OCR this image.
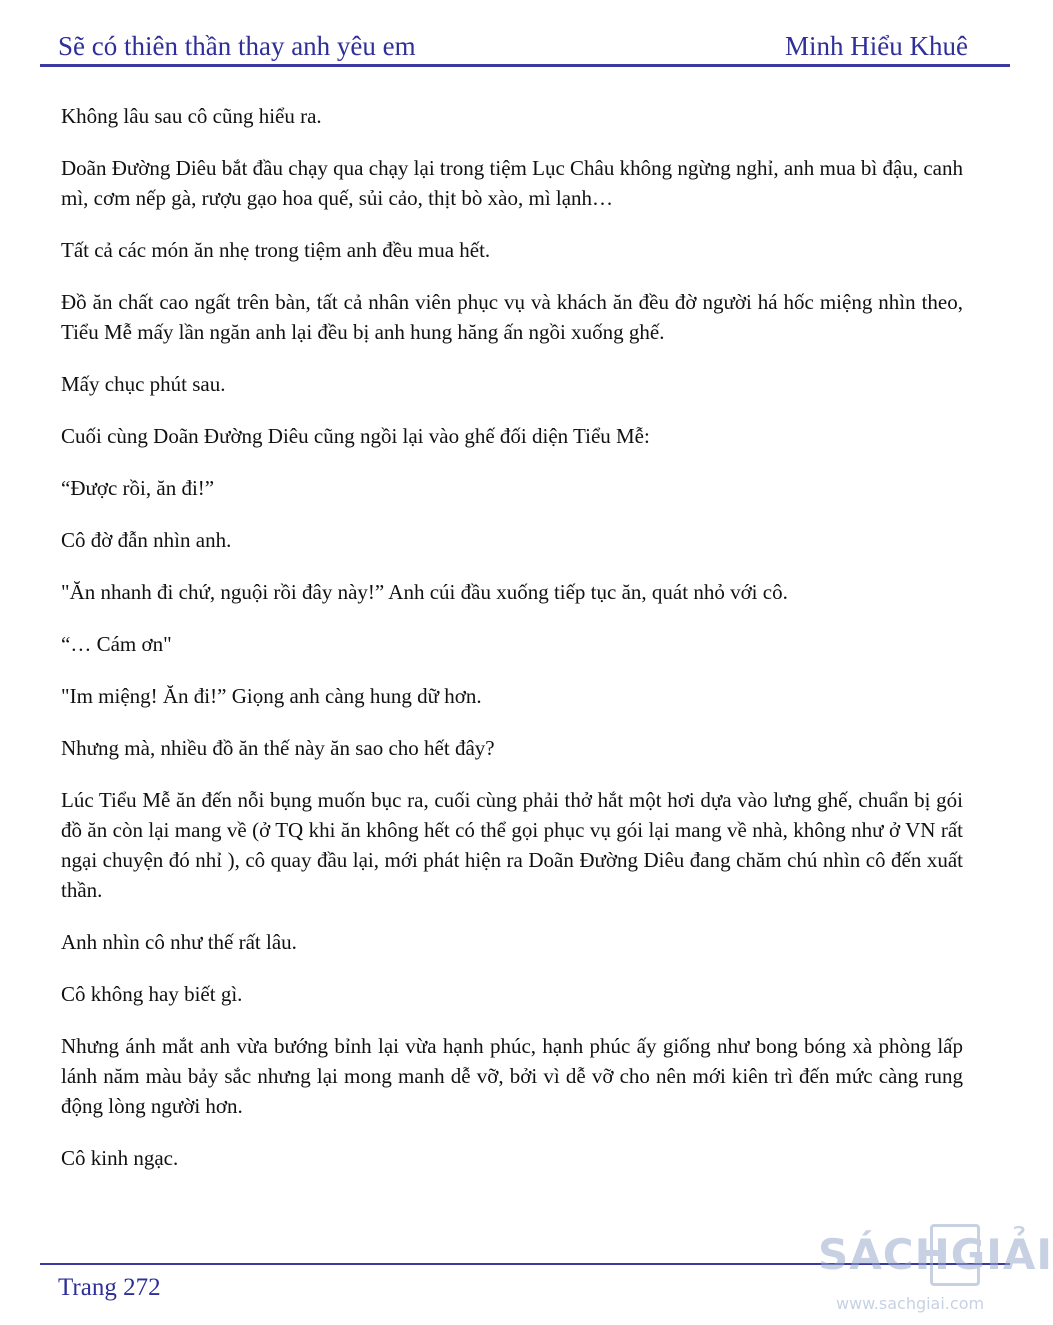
Sẽ có thiên thần thay anh yêu em	Minh Hiểu Khuê

Không lâu sau cô cũng hiểu ra.

Doãn Đường Diêu bắt đầu chạy qua chạy lại trong tiệm Lục Châu không ngừng nghỉ, anh mua bì đậu, canh mì, cơm nếp gà, rượu gạo hoa quế, sủi cảo, thịt bò xào, mì lạnh…

Tất cả các món ăn nhẹ trong tiệm anh đều mua hết.

Đồ ăn chất cao ngất trên bàn, tất cả nhân viên phục vụ và khách ăn đều đờ người há hốc miệng nhìn theo, Tiểu Mễ mấy lần ngăn anh lại đều bị anh hung hăng ấn ngồi xuống ghế.

Mấy chục phút sau.

Cuối cùng Doãn Đường Diêu cũng ngồi lại vào ghế đối diện Tiểu Mễ:

“Được rồi, ăn đi!”

Cô đờ đẫn nhìn anh.

"Ăn nhanh đi chứ, nguội rồi đây này!” Anh cúi đầu xuống tiếp tục ăn, quát nhỏ với cô.

“… Cám ơn"

"Im miệng! Ăn đi!” Giọng anh càng hung dữ hơn.

Nhưng mà, nhiều đồ ăn thế này ăn sao cho hết đây?

Lúc Tiểu Mễ ăn đến nỗi bụng muốn bục ra, cuối cùng phải thở hắt một hơi dựa vào lưng ghế, chuẩn bị gói đồ ăn còn lại mang về (ở TQ khi ăn không hết có thể gọi phục vụ gói lại mang về nhà, không như ở VN rất ngại chuyện đó nhỉ ), cô quay đầu lại, mới phát hiện ra Doãn Đường Diêu đang chăm chú nhìn cô đến xuất thần.

Anh nhìn cô như thế rất lâu.

Cô không hay biết gì.

Nhưng ánh mắt anh vừa bướng bỉnh lại vừa hạnh phúc, hạnh phúc ấy giống như bong bóng xà phòng lấp lánh năm màu bảy sắc nhưng lại mong manh dễ vỡ, bởi vì dễ vỡ cho nên mới kiên trì đến mức càng rung động lòng người hơn.

Cô kinh ngạc.

Trang 272
SÁCHGIẢI
www.sachgiai.com
